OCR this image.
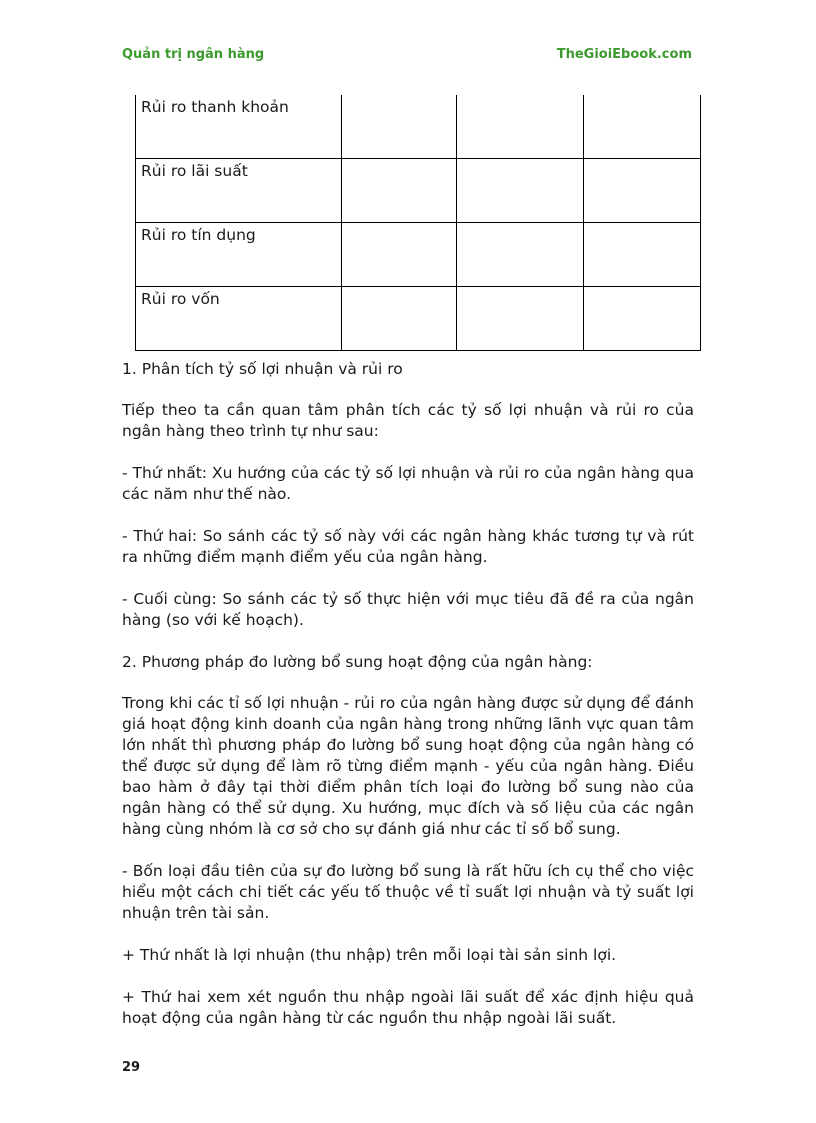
Quản trị ngân hàng	TheGioiEbook.com
Rủi ro thanh khoản			
Rủi ro lãi suất			
Rủi ro tín dụng			
Rủi ro vốn			

1. Phân tích tỷ số lợi nhuận và rủi ro

Tiếp theo ta cần quan tâm phân tích các tỷ số lợi nhuận và rủi ro của ngân hàng theo trình tự như sau:

- Thứ nhất: Xu hướng của các tỷ số lợi nhuận và rủi ro của ngân hàng qua các năm như thế nào.

- Thứ hai: So sánh các tỷ số này với các ngân hàng khác tương tự và rút ra những điểm mạnh điểm yếu của ngân hàng.

- Cuối cùng: So sánh các tỷ số thực hiện với mục tiêu đã đề ra của ngân hàng (so với kế hoạch).

2. Phương pháp đo lường bổ sung hoạt động của ngân hàng:

Trong khi các tỉ số lợi nhuận - rủi ro của ngân hàng được sử dụng để đánh giá hoạt động kinh doanh của ngân hàng trong những lãnh vực quan tâm lớn nhất thì phương pháp đo lường bổ sung hoạt động của ngân hàng có thể được sử dụng để làm rõ từng điểm mạnh - yếu của ngân hàng. Điều bao hàm ở đây tại thời điểm phân tích loại đo lường bổ sung nào của ngân hàng có thể sử dụng. Xu hướng, mục đích và số liệu của các ngân hàng cùng nhóm là cơ sở cho sự đánh giá như các tỉ số bổ sung.

- Bốn loại đầu tiên của sự đo lường bổ sung là rất hữu ích cụ thể cho việc hiểu một cách chi tiết các yếu tố thuộc về tỉ suất lợi nhuận và tỷ suất lợi nhuận trên tài sản.

+ Thứ nhất là lợi nhuận (thu nhập) trên mỗi loại tài sản sinh lợi.

+ Thứ hai xem xét nguồn thu nhập ngoài lãi suất để xác định hiệu quả hoạt động của ngân hàng từ các nguồn thu nhập ngoài lãi suất.

29
